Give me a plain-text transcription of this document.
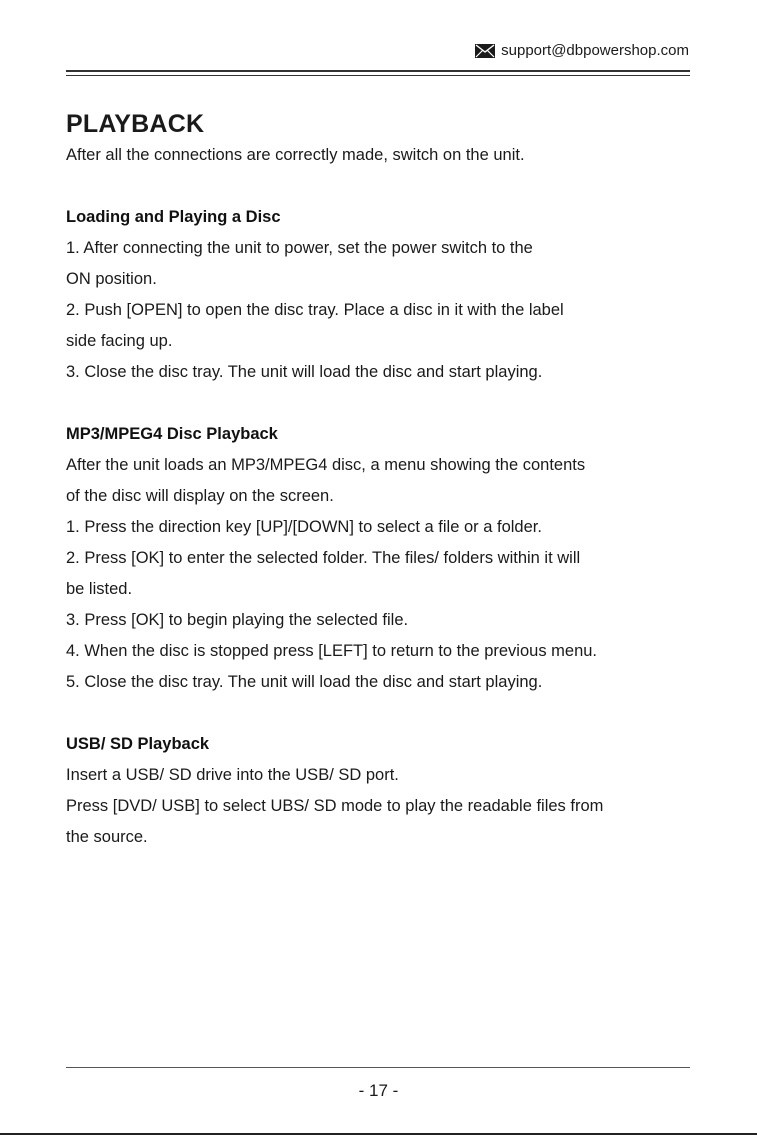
support@dbpowershop.com
PLAYBACK

After all the connections are correctly made, switch on the unit.

Loading and Playing a Disc

1. After connecting the unit to power, set the power switch to the

ON position.

2. Push [OPEN] to open the disc tray. Place a disc in it with the label

side facing up.

3. Close the disc tray. The unit will load the disc and start playing.

MP3/MPEG4 Disc Playback

After the unit loads an MP3/MPEG4 disc, a menu showing the contents

of the disc will display on the screen.

1. Press the direction key [UP]/[DOWN] to select a file or a folder.

2. Press [OK] to enter the selected folder. The files/ folders within it will

be listed.

3. Press [OK] to begin playing the selected file.

4. When the disc is stopped press [LEFT] to return to the previous menu.

5. Close the disc tray. The unit will load the disc and start playing.

USB/ SD Playback

Insert a USB/ SD drive into the USB/ SD port.

Press [DVD/ USB] to select UBS/ SD mode to play the readable files from

the source.

- 17 -
